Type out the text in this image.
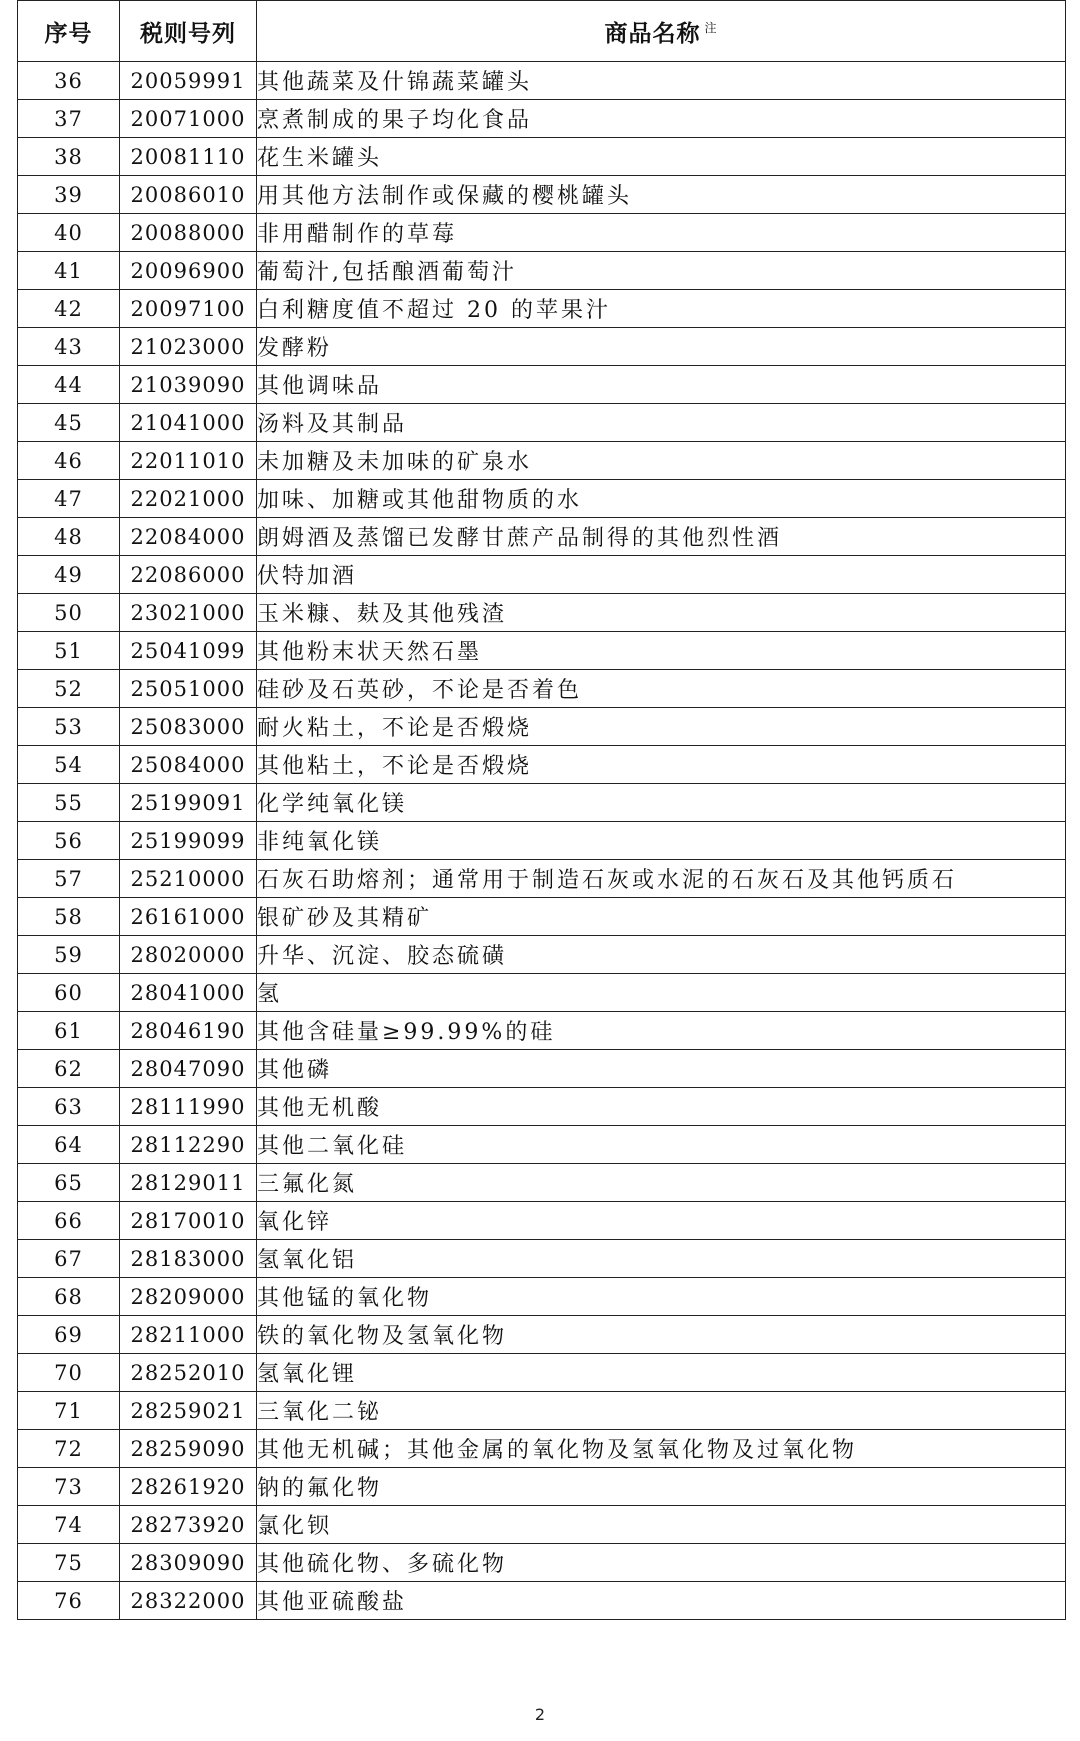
序号	税则号列	商品名称 $^注$
36	20059991	其他蔬菜及什锦蔬菜罐头
37	20071000	烹煮制成的果子均化食品
38	20081110	花生米罐头
39	20086010	用其他方法制作或保藏的樱桃罐头
40	20088000	非用醋制作的草莓
41	20096900	葡萄汁,包括酿酒葡萄汁
42	20097100	白利糖度值不超过 20 的苹果汁
43	21023000	发酵粉
44	21039090	其他调味品
45	21041000	汤料及其制品
46	22011010	未加糖及未加味的矿泉水
47	22021000	加味、加糖或其他甜物质的水
48	22084000	朗姆酒及蒸馏已发酵甘蔗产品制得的其他烈性酒
49	22086000	伏特加酒
50	23021000	玉米糠、麸及其他残渣
51	25041099	其他粉末状天然石墨
52	25051000	硅砂及石英砂，不论是否着色
53	25083000	耐火粘土，不论是否煅烧
54	25084000	其他粘土，不论是否煅烧
55	25199091	化学纯氧化镁
56	25199099	非纯氧化镁
57	25210000	石灰石助熔剂；通常用于制造石灰或水泥的石灰石及其他钙质石
58	26161000	银矿砂及其精矿
59	28020000	升华、沉淀、胶态硫磺
60	28041000	氢
61	28046190	其他含硅量≥99.99%的硅
62	28047090	其他磷
63	28111990	其他无机酸
64	28112290	其他二氧化硅
65	28129011	三氟化氮
66	28170010	氧化锌
67	28183000	氢氧化铝
68	28209000	其他锰的氧化物
69	28211000	铁的氧化物及氢氧化物
70	28252010	氢氧化锂
71	28259021	三氧化二铋
72	28259090	其他无机碱；其他金属的氧化物及氢氧化物及过氧化物
73	28261920	钠的氟化物
74	28273920	氯化钡
75	28309090	其他硫化物、多硫化物
76	28322000	其他亚硫酸盐
2
